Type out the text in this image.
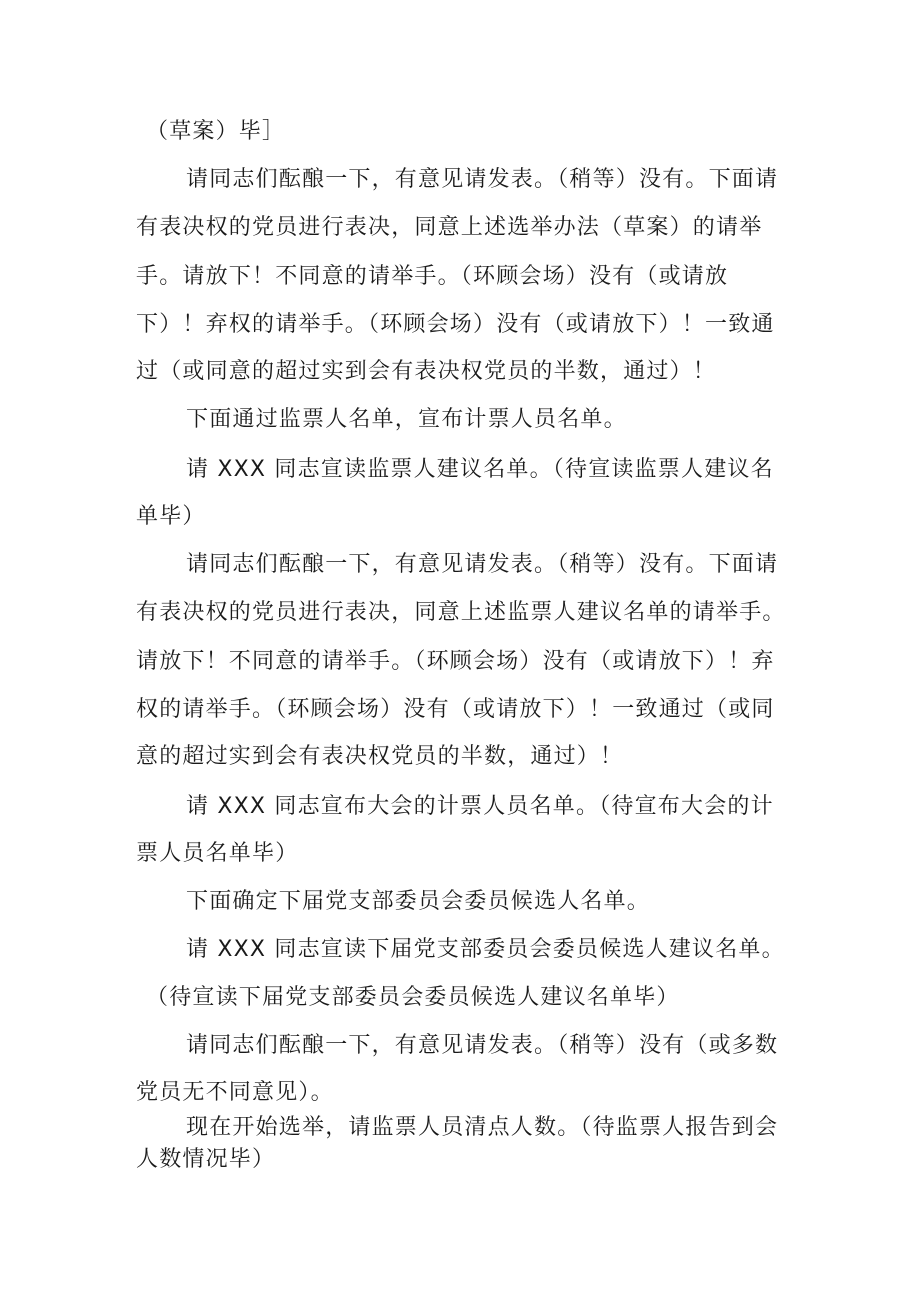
（草案）毕］
请同志们酝酿一下，有意见请发表。（稍等）没有。下面请
有表决权的党员进行表决，同意上述选举办法（草案）的请举
手。请放下！不同意的请举手。（环顾会场）没有（或请放
下）！弃权的请举手。（环顾会场）没有（或请放下）！一致通
过（或同意的超过实到会有表决权党员的半数，通过）！
下面通过监票人名单，宣布计票人员名单。
请 XXX 同志宣读监票人建议名单。（待宣读监票人建议名
单毕）
请同志们酝酿一下，有意见请发表。（稍等）没有。下面请
有表决权的党员进行表决，同意上述监票人建议名单的请举手。
请放下！不同意的请举手。（环顾会场）没有（或请放下）！弃
权的请举手。（环顾会场）没有（或请放下）！一致通过（或同
意的超过实到会有表决权党员的半数，通过）！
请 XXX 同志宣布大会的计票人员名单。（待宣布大会的计
票人员名单毕）
下面确定下届党支部委员会委员候选人名单。
请 XXX 同志宣读下届党支部委员会委员候选人建议名单。
（待宣读下届党支部委员会委员候选人建议名单毕）
请同志们酝酿一下，有意见请发表。（稍等）没有（或多数
党员无不同意见）。
现在开始选举，请监票人员清点人数。（待监票人报告到会
人数情况毕）
